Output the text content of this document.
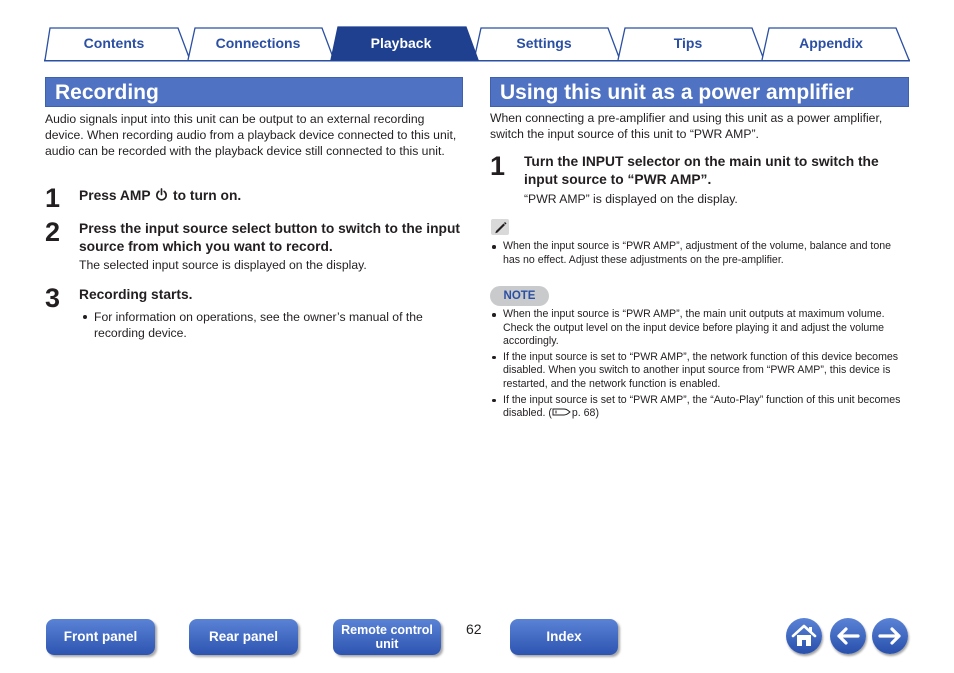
Contents	Connections	Playback	Settings	Tips	Appendix
Recording
Audio signals input into this unit can be output to an external recording device. When recording audio from a playback device connected to this unit, audio can be recorded with the playback device still connected to this unit.
1 Press AMP to turn on.
2 Press the input source select button to switch to the input source from which you want to record.
The selected input source is displayed on the display.
3 Recording starts.
For information on operations, see the owner’s manual of the recording device.
Using this unit as a power amplifier
When connecting a pre-amplifier and using this unit as a power amplifier, switch the input source of this unit to “PWR AMP”.
1 Turn the INPUT selector on the main unit to switch the input source to “PWR AMP”.
“PWR AMP” is displayed on the display.
When the input source is “PWR AMP”, adjustment of the volume, balance and tone has no effect. Adjust these adjustments on the pre-amplifier.
NOTE
When the input source is “PWR AMP”, the main unit outputs at maximum volume. Check the output level on the input device before playing it and adjust the volume accordingly.
If the input source is set to “PWR AMP”, the network function of this device becomes disabled. When you switch to another input source from “PWR AMP”, this device is restarted, and the network function is enabled.
If the input source is set to “PWR AMP”, the “Auto-Play” function of this unit becomes disabled. ( p. 68)
Front panel	Rear panel	Remote control
unit
62	Index
